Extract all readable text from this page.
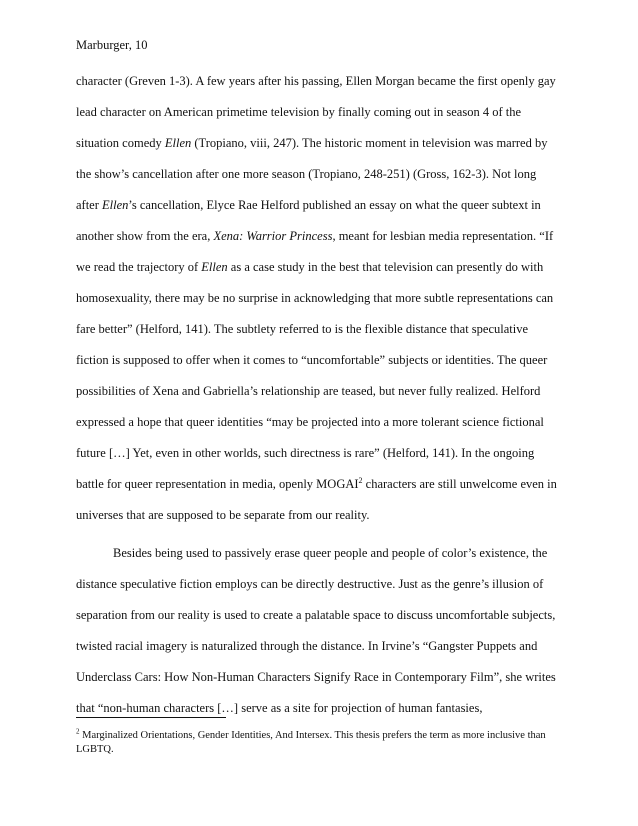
Marburger, 10
character (Greven 1-3). A few years after his passing, Ellen Morgan became the first openly gay
lead character on American primetime television by finally coming out in season 4 of the
situation comedy Ellen (Tropiano, viii, 247). The historic moment in television was marred by
the show’s cancellation after one more season (Tropiano, 248-251) (Gross, 162-3). Not long
after Ellen’s cancellation, Elyce Rae Helford published an essay on what the queer subtext in
another show from the era, Xena: Warrior Princess, meant for lesbian media representation. “If
we read the trajectory of Ellen as a case study in the best that television can presently do with
homosexuality, there may be no surprise in acknowledging that more subtle representations can
fare better” (Helford, 141). The subtlety referred to is the flexible distance that speculative
fiction is supposed to offer when it comes to “uncomfortable” subjects or identities. The queer
possibilities of Xena and Gabriella’s relationship are teased, but never fully realized. Helford
expressed a hope that queer identities “may be projected into a more tolerant science fictional
future […] Yet, even in other worlds, such directness is rare” (Helford, 141). In the ongoing
battle for queer representation in media, openly MOGAI$^2$ characters are still unwelcome even in
universes that are supposed to be separate from our reality.
Besides being used to passively erase queer people and people of color’s existence, the
distance speculative fiction employs can be directly destructive. Just as the genre’s illusion of
separation from our reality is used to create a palatable space to discuss uncomfortable subjects,
twisted racial imagery is naturalized through the distance. In Irvine’s “Gangster Puppets and
Underclass Cars: How Non-Human Characters Signify Race in Contemporary Film”, she writes
that “non-human characters […] serve as a site for projection of human fantasies,
$^2$ Marginalized Orientations, Gender Identities, And Intersex. This thesis prefers the term as more inclusive than
LGBTQ.
